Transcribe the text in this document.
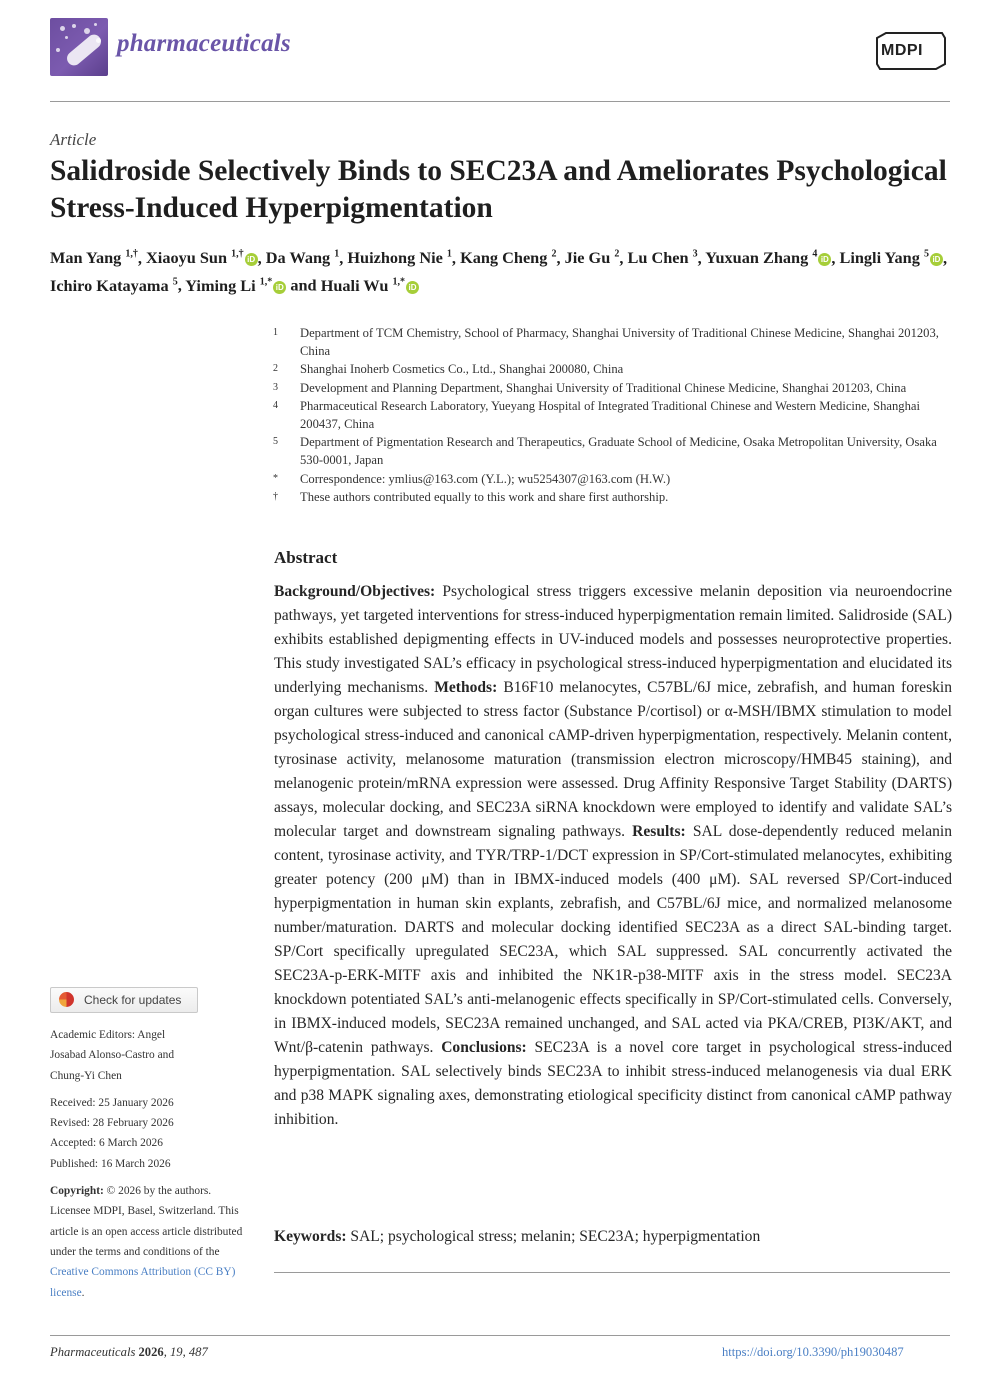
pharmaceuticals	MDPI
Article
Salidroside Selectively Binds to SEC23A and Ameliorates Psychological Stress-Induced Hyperpigmentation
Man Yang $^{1,\dagger}$, Xiaoyu Sun $^{1,\dagger}$ iD , Da Wang $^1$, Huizhong Nie $^1$, Kang Cheng $^2$, Jie Gu $^2$, Lu Chen $^3$, Yuxuan Zhang $^4$ iD , Lingli Yang $^5$ iD , Ichiro Katayama $^5$, Yiming Li $^{1,*}$ iD and Huali Wu $^{1,*}$ iD
1	Department of TCM Chemistry, School of Pharmacy, Shanghai University of Traditional Chinese Medicine, Shanghai 201203, China
2	Shanghai Inoherb Cosmetics Co., Ltd., Shanghai 200080, China
3	Development and Planning Department, Shanghai University of Traditional Chinese Medicine, Shanghai 201203, China
4	Pharmaceutical Research Laboratory, Yueyang Hospital of Integrated Traditional Chinese and Western Medicine, Shanghai 200437, China
5	Department of Pigmentation Research and Therapeutics, Graduate School of Medicine, Osaka Metropolitan University, Osaka 530-0001, Japan
*	Correspondence: ymlius@163.com (Y.L.); wu5254307@163.com (H.W.)
†	These authors contributed equally to this work and share first authorship.
Abstract
Background/Objectives: Psychological stress triggers excessive melanin deposition via neuroendocrine pathways, yet targeted interventions for stress-induced hyperpigmentation remain limited. Salidroside (SAL) exhibits established depigmenting effects in UV-induced models and possesses neuroprotective properties. This study investigated SAL’s efficacy in psychological stress-induced hyperpigmentation and elucidated its underlying mechanisms. Methods: B16F10 melanocytes, C57BL/6J mice, zebrafish, and human foreskin organ cultures were subjected to stress factor (Substance P/cortisol) or α-MSH/IBMX stimulation to model psychological stress-induced and canonical cAMP-driven hyperpigmentation, respectively. Melanin content, tyrosinase activity, melanosome maturation (transmission electron microscopy/HMB45 staining), and melanogenic protein/mRNA expression were assessed. Drug Affinity Responsive Target Stability (DARTS) assays, molecular docking, and SEC23A siRNA knockdown were employed to identify and validate SAL’s molecular target and downstream signaling pathways. Results: SAL dose-dependently reduced melanin content, tyrosinase activity, and TYR/TRP-1/DCT expression in SP/Cort-stimulated melanocytes, exhibiting greater potency (200 μM) than in IBMX-induced models (400 μM). SAL reversed SP/Cort-induced hyperpigmentation in human skin explants, zebrafish, and C57BL/6J mice, and normalized melanosome number/maturation. DARTS and molecular docking identified SEC23A as a direct SAL-binding target. SP/Cort specifically upregulated SEC23A, which SAL suppressed. SAL concurrently activated the SEC23A-p-ERK-MITF axis and inhibited the NK1R-p38-MITF axis in the stress model. SEC23A knockdown potentiated SAL’s anti-melanogenic effects specifically in SP/Cort-stimulated cells. Conversely, in IBMX-induced models, SEC23A remained unchanged, and SAL acted via PKA/CREB, PI3K/AKT, and Wnt/β-catenin pathways. Conclusions: SEC23A is a novel core target in psychological stress-induced hyperpigmentation. SAL selectively binds SEC23A to inhibit stress-induced melanogenesis via dual ERK and p38 MAPK signaling axes, demonstrating etiological specificity distinct from canonical cAMP pathway inhibition.
Keywords: SAL; psychological stress; melanin; SEC23A; hyperpigmentation
Check for updates
Academic Editors: Angel Josabad Alonso-Castro and Chung-Yi Chen
Received: 25 January 2026
Revised: 28 February 2026
Accepted: 6 March 2026
Published: 16 March 2026
Copyright: © 2026 by the authors. Licensee MDPI, Basel, Switzerland. This article is an open access article distributed under the terms and conditions of the Creative Commons Attribution (CC BY) license.
Pharmaceuticals 2026, 19, 487	https://doi.org/10.3390/ph19030487
